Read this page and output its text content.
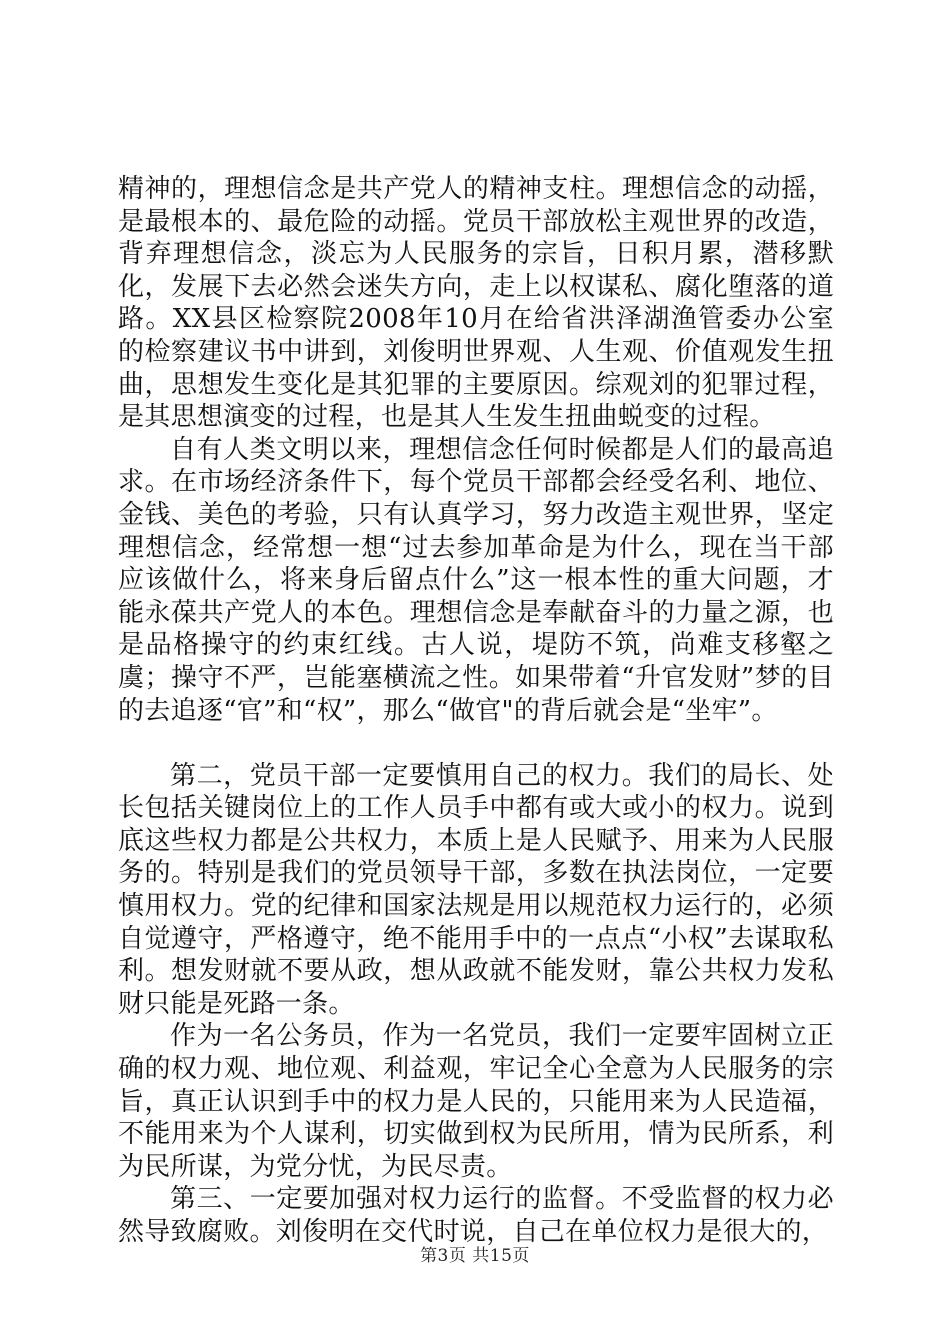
精神的，理想信念是共产党人的精神支柱。理想信念的动摇，是最根本的、最危险的动摇。党员干部放松主观世界的改造，背弃理想信念，淡忘为人民服务的宗旨，日积月累，潜移默化，发展下去必然会迷失方向，走上以权谋私、腐化堕落的道路。XX县区检察院2008年10月在给省洪泽湖渔管委办公室的检察建议书中讲到，刘俊明世界观、人生观、价值观发生扭曲，思想发生变化是其犯罪的主要原因。综观刘的犯罪过程，是其思想演变的过程，也是其人生发生扭曲蜕变的过程。

自有人类文明以来，理想信念任何时候都是人们的最高追求。在市场经济条件下，每个党员干部都会经受名利、地位、金钱、美色的考验，只有认真学习，努力改造主观世界，坚定理想信念，经常想一想“过去参加革命是为什么，现在当干部应该做什么，将来身后留点什么”这一根本性的重大问题，才能永葆共产党人的本色。理想信念是奉献奋斗的力量之源，也是品格操守的约束红线。古人说，堤防不筑，尚难支移壑之虞；操守不严，岂能塞横流之性。如果带着“升官发财”梦的目的去追逐“官”和“权”，那么“做官"的背后就会是“坐牢”。

第二，党员干部一定要慎用自己的权力。我们的局长、处长包括关键岗位上的工作人员手中都有或大或小的权力。说到底这些权力都是公共权力，本质上是人民赋予、用来为人民服务的。特别是我们的党员领导干部，多数在执法岗位，一定要慎用权力。党的纪律和国家法规是用以规范权力运行的，必须自觉遵守，严格遵守，绝不能用手中的一点点“小权”去谋取私利。想发财就不要从政，想从政就不能发财，靠公共权力发私财只能是死路一条。

作为一名公务员，作为一名党员，我们一定要牢固树立正确的权力观、地位观、利益观，牢记全心全意为人民服务的宗旨，真正认识到手中的权力是人民的，只能用来为人民造福，不能用来为个人谋利，切实做到权为民所用，情为民所系，利为民所谋，为党分忧，为民尽责。

第三、一定要加强对权力运行的监督。不受监督的权力必然导致腐败。刘俊明在交代时说，自己在单位权力是很大的，

第3页 共15页
